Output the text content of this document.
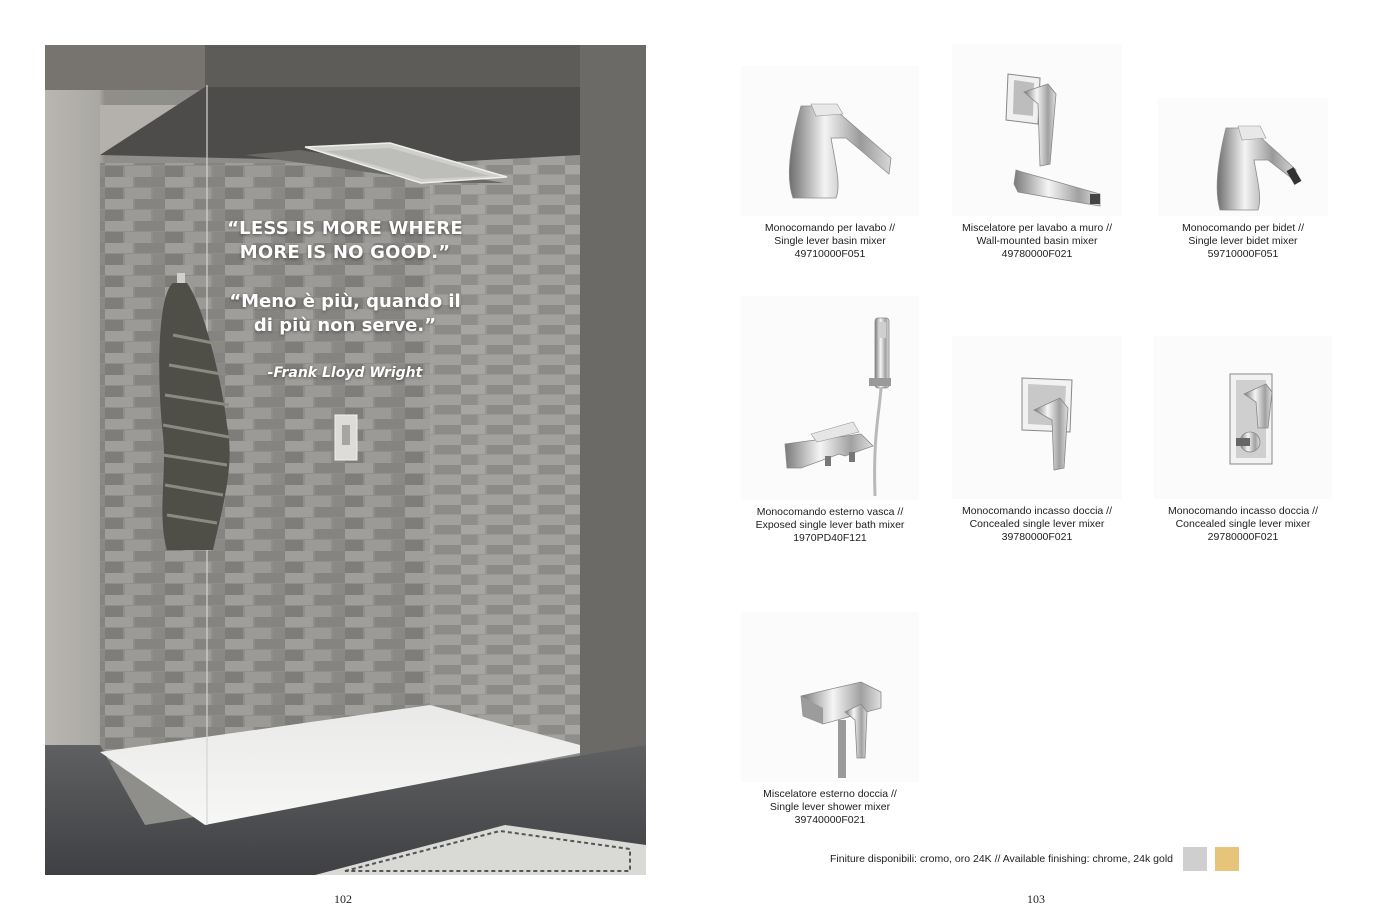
“LESS IS MORE WHERE
MORE IS NO GOOD.”
“Meno è più, quando il
di più non serve.”
-Frank Lloyd Wright
102
Monocomando per lavabo //
Single lever basin mixer
49710000F051
Miscelatore per lavabo a muro //
Wall-mounted basin mixer
49780000F021
Monocomando per bidet //
Single lever bidet mixer
59710000F051
Monocomando esterno vasca //
Exposed single lever bath mixer
1970PD40F121
Monocomando incasso doccia //
Concealed single lever mixer
39780000F021
Monocomando incasso doccia //
Concealed single lever mixer
29780000F021
Miscelatore esterno doccia //
Single lever shower mixer
39740000F021
Finiture disponibili: cromo, oro 24K // Available finishing: chrome, 24k gold
103
